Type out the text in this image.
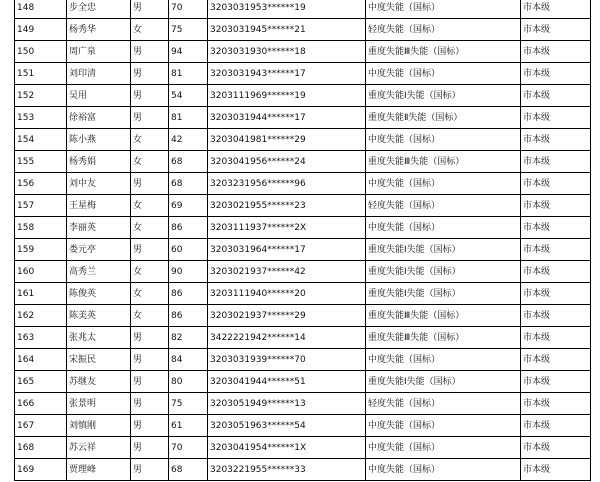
148	步全忠	男	70	3203031953******19	中度失能（国标）	市本级
149	杨秀华	女	75	3203031945******21	轻度失能（国标）	市本级
150	周广泉	男	94	3203031930******18	重度失能Ⅲ失能（国标）	市本级
151	刘印清	男	81	3203031943******17	中度失能（国标）	市本级
152	吴用	男	54	3203111969******19	重度失能Ⅰ失能（国标）	市本级
153	徐裕富	男	81	3203031944******17	重度失能Ⅱ失能（国标）	市本级
154	陈小燕	女	42	3203041981******29	中度失能（国标）	市本级
155	杨秀娟	女	68	3203041956******24	重度失能Ⅲ失能（国标）	市本级
156	刘中友	男	68	3203231956******96	中度失能（国标）	市本级
157	王星梅	女	69	3203021955******23	轻度失能（国标）	市本级
158	李丽英	女	86	3203111937******2X	中度失能（国标）	市本级
159	娄元亭	男	60	3203031964******17	重度失能Ⅰ失能（国标）	市本级
160	高秀兰	女	90	3203021937******42	重度失能Ⅰ失能（国标）	市本级
161	陈俊英	女	86	3203111940******20	重度失能Ⅰ失能（国标）	市本级
162	陈美英	女	86	3203021937******29	重度失能Ⅲ失能（国标）	市本级
163	张兆太	男	82	3422221942******14	重度失能Ⅲ失能（国标）	市本级
164	宋振民	男	84	3203031939******70	中度失能（国标）	市本级
165	苏继友	男	80	3203041944******51	重度失能Ⅰ失能（国标）	市本级
166	张景明	男	75	3203051949******13	轻度失能（国标）	市本级
167	刘慎刚	男	61	3203051963******54	中度失能（国标）	市本级
168	苏云祥	男	70	3203041954******1X	中度失能（国标）	市本级
169	贾理峰	男	68	3203221955******33	中度失能（国标）	市本级
